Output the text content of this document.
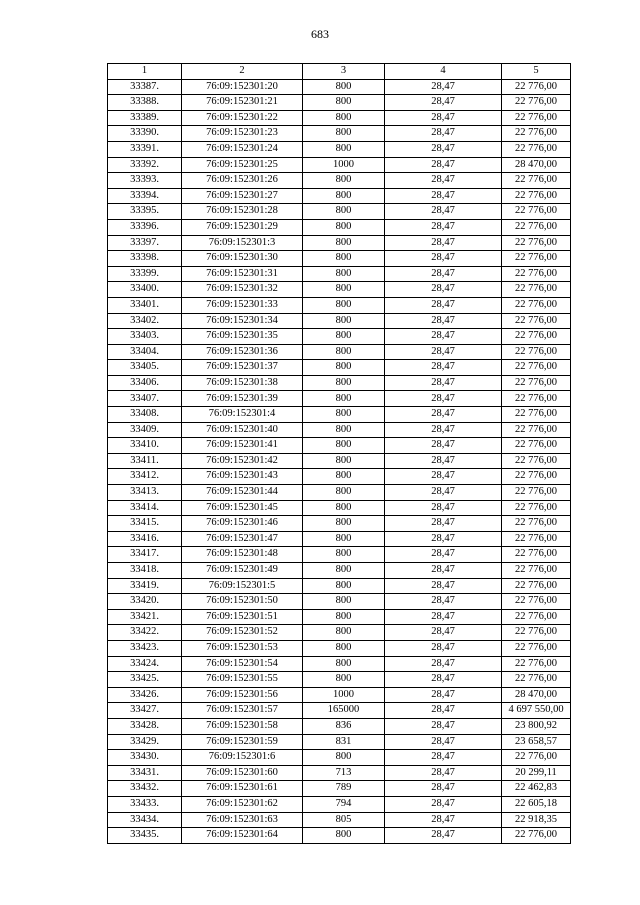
683
1	2	3	4	5
33387.	76:09:152301:20	800	28,47	22 776,00
33388.	76:09:152301:21	800	28,47	22 776,00
33389.	76:09:152301:22	800	28,47	22 776,00
33390.	76:09:152301:23	800	28,47	22 776,00
33391.	76:09:152301:24	800	28,47	22 776,00
33392.	76:09:152301:25	1000	28,47	28 470,00
33393.	76:09:152301:26	800	28,47	22 776,00
33394.	76:09:152301:27	800	28,47	22 776,00
33395.	76:09:152301:28	800	28,47	22 776,00
33396.	76:09:152301:29	800	28,47	22 776,00
33397.	76:09:152301:3	800	28,47	22 776,00
33398.	76:09:152301:30	800	28,47	22 776,00
33399.	76:09:152301:31	800	28,47	22 776,00
33400.	76:09:152301:32	800	28,47	22 776,00
33401.	76:09:152301:33	800	28,47	22 776,00
33402.	76:09:152301:34	800	28,47	22 776,00
33403.	76:09:152301:35	800	28,47	22 776,00
33404.	76:09:152301:36	800	28,47	22 776,00
33405.	76:09:152301:37	800	28,47	22 776,00
33406.	76:09:152301:38	800	28,47	22 776,00
33407.	76:09:152301:39	800	28,47	22 776,00
33408.	76:09:152301:4	800	28,47	22 776,00
33409.	76:09:152301:40	800	28,47	22 776,00
33410.	76:09:152301:41	800	28,47	22 776,00
33411.	76:09:152301:42	800	28,47	22 776,00
33412.	76:09:152301:43	800	28,47	22 776,00
33413.	76:09:152301:44	800	28,47	22 776,00
33414.	76:09:152301:45	800	28,47	22 776,00
33415.	76:09:152301:46	800	28,47	22 776,00
33416.	76:09:152301:47	800	28,47	22 776,00
33417.	76:09:152301:48	800	28,47	22 776,00
33418.	76:09:152301:49	800	28,47	22 776,00
33419.	76:09:152301:5	800	28,47	22 776,00
33420.	76:09:152301:50	800	28,47	22 776,00
33421.	76:09:152301:51	800	28,47	22 776,00
33422.	76:09:152301:52	800	28,47	22 776,00
33423.	76:09:152301:53	800	28,47	22 776,00
33424.	76:09:152301:54	800	28,47	22 776,00
33425.	76:09:152301:55	800	28,47	22 776,00
33426.	76:09:152301:56	1000	28,47	28 470,00
33427.	76:09:152301:57	165000	28,47	4 697 550,00
33428.	76:09:152301:58	836	28,47	23 800,92
33429.	76:09:152301:59	831	28,47	23 658,57
33430.	76:09:152301:6	800	28,47	22 776,00
33431.	76:09:152301:60	713	28,47	20 299,11
33432.	76:09:152301:61	789	28,47	22 462,83
33433.	76:09:152301:62	794	28,47	22 605,18
33434.	76:09:152301:63	805	28,47	22 918,35
33435.	76:09:152301:64	800	28,47	22 776,00
